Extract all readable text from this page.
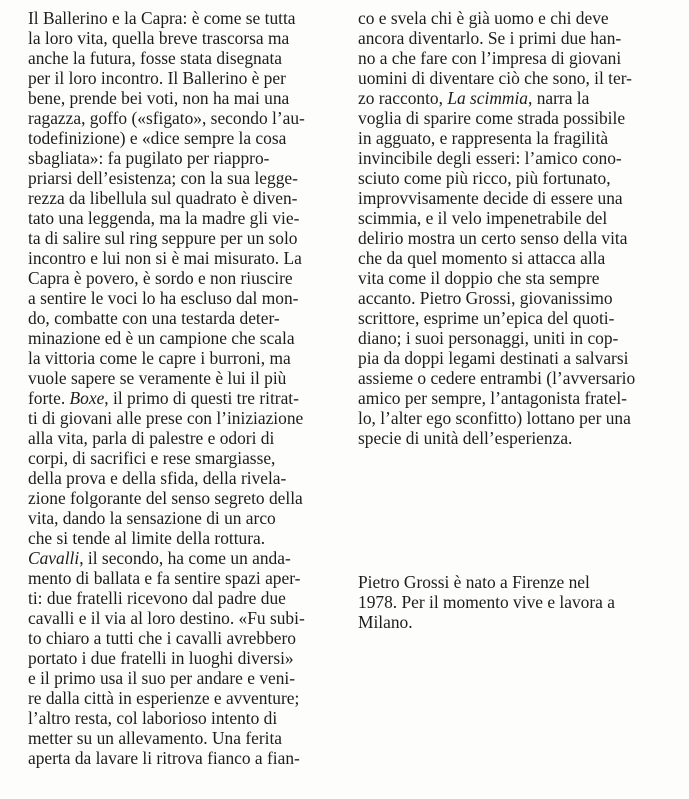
Il Ballerino e la Capra: è come se tutta
la loro vita, quella breve trascorsa ma
anche la futura, fosse stata disegnata
per il loro incontro. Il Ballerino è per
bene, prende bei voti, non ha mai una
ragazza, goffo («sfigato», secondo l’au-
todefinizione) e «dice sempre la cosa
sbagliata»: fa pugilato per riappro-
priarsi dell’esistenza; con la sua legge-
rezza da libellula sul quadrato è diven-
tato una leggenda, ma la madre gli vie-
ta di salire sul ring seppure per un solo
incontro e lui non si è mai misurato. La
Capra è povero, è sordo e non riuscire
a sentire le voci lo ha escluso dal mon-
do, combatte con una testarda deter-
minazione ed è un campione che scala
la vittoria come le capre i burroni, ma
vuole sapere se veramente è lui il più
forte. Boxe, il primo di questi tre ritrat-
ti di giovani alle prese con l’iniziazione
alla vita, parla di palestre e odori di
corpi, di sacrifici e rese smargiasse,
della prova e della sfida, della rivela-
zione folgorante del senso segreto della
vita, dando la sensazione di un arco
che si tende al limite della rottura.
Cavalli, il secondo, ha come un anda-
mento di ballata e fa sentire spazi aper-
ti: due fratelli ricevono dal padre due
cavalli e il via al loro destino. «Fu subi-
to chiaro a tutti che i cavalli avrebbero
portato i due fratelli in luoghi diversi»
e il primo usa il suo per andare e veni-
re dalla città in esperienze e avventure;
l’altro resta, col laborioso intento di
metter su un allevamento. Una ferita
aperta da lavare li ritrova fianco a fian-
co e svela chi è già uomo e chi deve
ancora diventarlo. Se i primi due han-
no a che fare con l’impresa di giovani
uomini di diventare ciò che sono, il ter-
zo racconto, La scimmia, narra la
voglia di sparire come strada possibile
in agguato, e rappresenta la fragilità
invincibile degli esseri: l’amico cono-
sciuto come più ricco, più fortunato,
improvvisamente decide di essere una
scimmia, e il velo impenetrabile del
delirio mostra un certo senso della vita
che da quel momento si attacca alla
vita come il doppio che sta sempre
accanto. Pietro Grossi, giovanissimo
scrittore, esprime un’epica del quoti-
diano; i suoi personaggi, uniti in cop-
pia da doppi legami destinati a salvarsi
assieme o cedere entrambi (l’avversario
amico per sempre, l’antagonista fratel-
lo, l’alter ego sconfitto) lottano per una
specie di unità dell’esperienza.
Pietro Grossi è nato a Firenze nel
1978. Per il momento vive e lavora a
Milano.
